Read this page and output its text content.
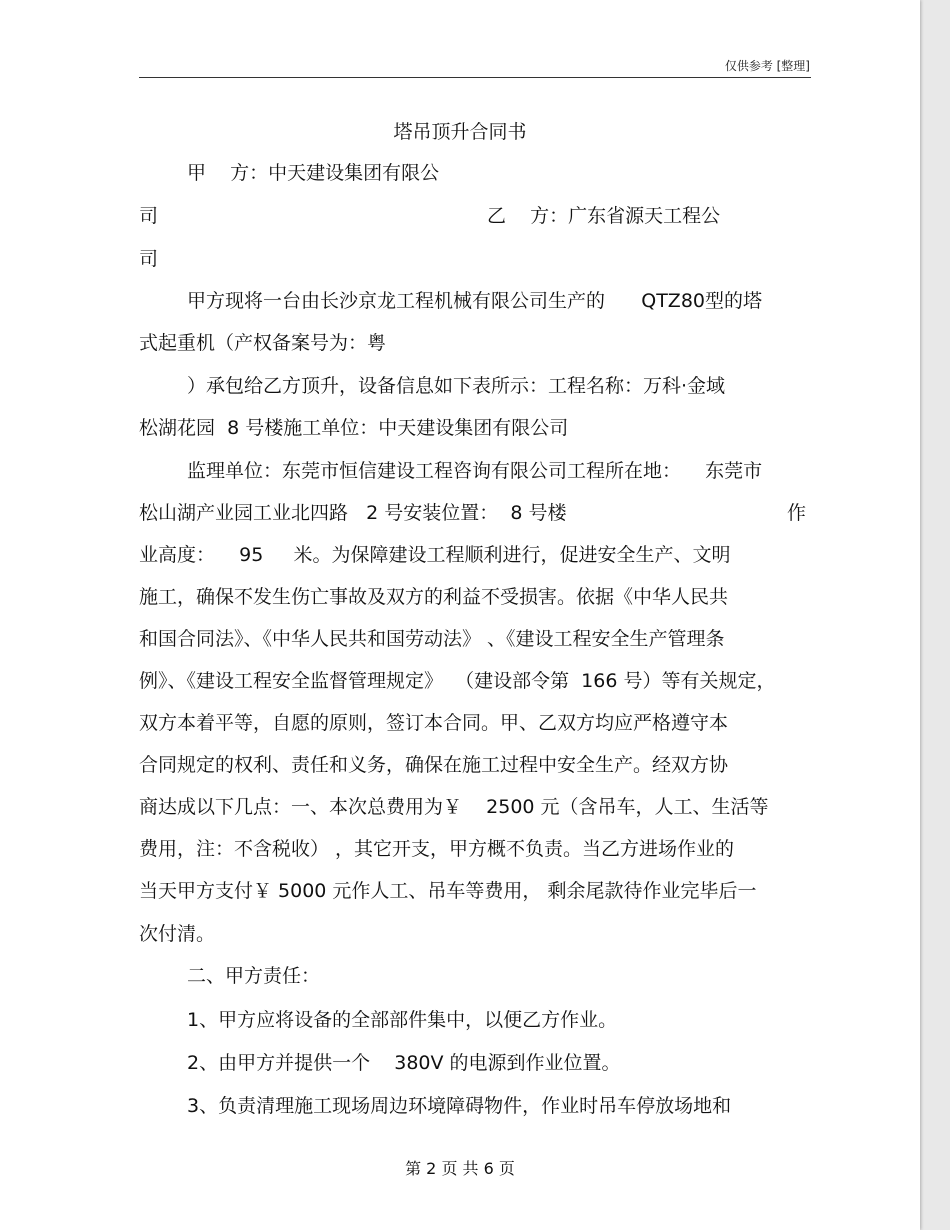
仅供参考 [整理]
塔吊顶升合同书
甲    方：中天建设集团有限公
司	乙    方：广东省源天工程公
司
甲方现将一台由长沙京龙工程机械有限公司生产的      QTZ80型的塔
式起重机（产权备案号为：粤
）承包给乙方顶升，设备信息如下表所示：工程名称：万科·金域
松湖花园  8 号楼施工单位：中天建设集团有限公司
监理单位：东莞市恒信建设工程咨询有限公司工程所在地：    东莞市
松山湖产业园工业北四路   2 号安装位置：  8 号楼	作
业高度：    95     米。为保障建设工程顺利进行，促进安全生产、文明
施工，确保不发生伤亡事故及双方的利益不受损害。依据《中华人民共
和国合同法》、《中华人民共和国劳动法》 、《建设工程安全生产管理条
例》、《建设工程安全监督管理规定》  （建设部令第  166 号）等有关规定，
双方本着平等，自愿的原则，签订本合同。甲、乙双方均应严格遵守本
合同规定的权利、责任和义务，确保在施工过程中安全生产。经双方协
商达成以下几点：一、本次总费用为￥    2500 元（含吊车，人工、生活等
费用，注：不含税收） ，其它开支，甲方概不负责。当乙方进场作业的
当天甲方支付￥ 5000 元作人工、吊车等费用， 剩余尾款待作业完毕后一
次付清。
二、甲方责任：
1、甲方应将设备的全部部件集中，以便乙方作业。
2、由甲方并提供一个    380V 的电源到作业位置。
3、负责清理施工现场周边环境障碍物件，作业时吊车停放场地和
第 2 页 共 6 页
